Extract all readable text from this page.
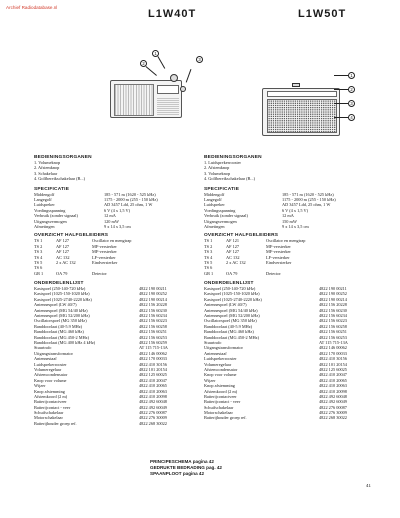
Archief Radiodatabase.nl
L1W40T	L1W50T
1
2
3
1
2
3
4
BEDIENINGSORGANEN
1. Volumeknop
2. Afstemknop
3. Schakelaar
4. Golfbereikschakelaar (B...)
SPECIFICATIE
Middengolf	185 - 571 m (1620 - 525 kHz)
Langegolf	1175 - 2000 m (255 - 150 kHz)
Luidspreker	AD 3457 Ldd, 25 ohm, 1 W
Voedingsspanning	6 V (4 x 1,5 V)
Verbruik (zonder signaal)	12 mA
Uitgangsvermogen	120 mW
Afmetingen	9 x 14 x 3,5 cm
OVERZICHT HALFGELEIDERS
TS 1	AF 127	Oscillator en mengtrap
TS 2	AF 127	MF-versterker
TS 3	AF 127	MF-versterker
TS 4	AC 132	LF-versterker
TS 5	2 x AC 132	Eindversterker
TS 6
GR 1	OA 79	Detector
ONDERDELENLIJST
Kastspoel (250-140-720 kHz)	4822 190 00211
Kastspoel (1025-150-1020 kHz)	4822 190 00252
Kastspoel (1025-2740-2220 kHz)	4822 190 00214
Antennespoel (LW 40/7)	4822 156 20228
Antennespoel (MG 54/40 kHz)	4822 156 60230
Antennespoel (MG 52/200 kHz)	4822 156 60234
Oscillatorspoel (MG 350 kHz)	4822 156 60223
Banddoorlaat (40-5.9 MHz)	4822 156 60258
Banddoorlaat (MG 460 kHz)	4822 156 60251
Banddoorlaat (MG 450-2 MHz)	4822 156 60253
Banddoorlaat (MG 400 kHz 4 kHz)	4822 156 60259
Stuurtrafo	AT 115 715-13A
Uitgangstransformator	4822 146 00062
Antennestaaf	4822 170 00033
Luidsprekerrooster	4822 410 30156
Volumeregelaar	4822 101 20154
Afstemcondensator	4822 125 60025
Knop voor volume	4822 410 20047
Wijzer	4822 410 20065
Knop afstemming	4822 410 20063
Afstemkoord (2 m)	4822 410 20098
Batterijcontactveer	4822 492 60048
Batterijcontact - veer	4822 492 60049
Schuifschakelaar	4822 276 00087
Motorschakelaar	4822 276 30009
Batterijhouder groep ref.	4822 268 30022
BEDIENINGSORGANEN
1. Luidsprekerrooster
2. Afstemknop
3. Volumeknop
4. Golfbereikschakelaar (B...)
SPECIFICATIE
Middengolf	185 - 571 m (1620 - 525 kHz)
Langegolf	1175 - 2000 m (255 - 150 kHz)
Luidspreker	AD 3457 Ldd, 25 ohm, 1 W
Voedingsspanning	6 V (4 x 1,5 V)
Verbruik (zonder signaal)	12 mA
Uitgangsvermogen	150 mW
Afmetingen	9 x 14 x 3,5 cm
OVERZICHT HALFGELEIDERS
TS 1	AF 121	Oscillator en mengtrap
TS 2	AF 127	MF-versterker
TS 3	AF 127	MF-versterker
TS 4	AC 132	LF-versterker
TS 5	2 x AC 132	Eindversterker
TS 6
GR 1	OA 79	Detector
ONDERDELENLIJST
Kastspoel (250-140-720 kHz)	4822 190 00211
Kastspoel (1025-150-1020 kHz)	4822 190 00252
Kastspoel (1025-2740-2220 kHz)	4822 190 00214
Antennespoel (LW 40/7)	4822 156 20228
Antennespoel (MG 54/40 kHz)	4822 156 60230
Antennespoel (MG 52/200 kHz)	4822 156 60234
Oscillatorspoel (MG 350 kHz)	4822 156 60223
Banddoorlaat (40-5.9 MHz)	4822 156 60258
Banddoorlaat (MG 460 kHz)	4822 156 60251
Banddoorlaat (MG 450-2 MHz)	4822 156 60253
Stuurtrafo	AT 115 715-13A
Uitgangstransformator	4822 146 00062
Antennestaaf	4822 170 00033
Luidsprekerrooster	4822 410 30156
Volumeregelaar	4822 101 20154
Afstemcondensator	4822 125 60025
Knop voor volume	4822 410 20047
Wijzer	4822 410 20065
Knop afstemming	4822 410 20063
Afstemkoord (2 m)	4822 410 20098
Batterijcontactveer	4822 492 60048
Batterijcontact - veer	4822 492 60049
Schuifschakelaar	4822 276 00087
Motorschakelaar	4822 276 30009
Batterijhouder groep ref.	4822 268 30022
PRINCIPESCHEMA pagina 42
GEDRUKTE BEDRADING pag. 42
SPAANPLOOT pagina 42
41
